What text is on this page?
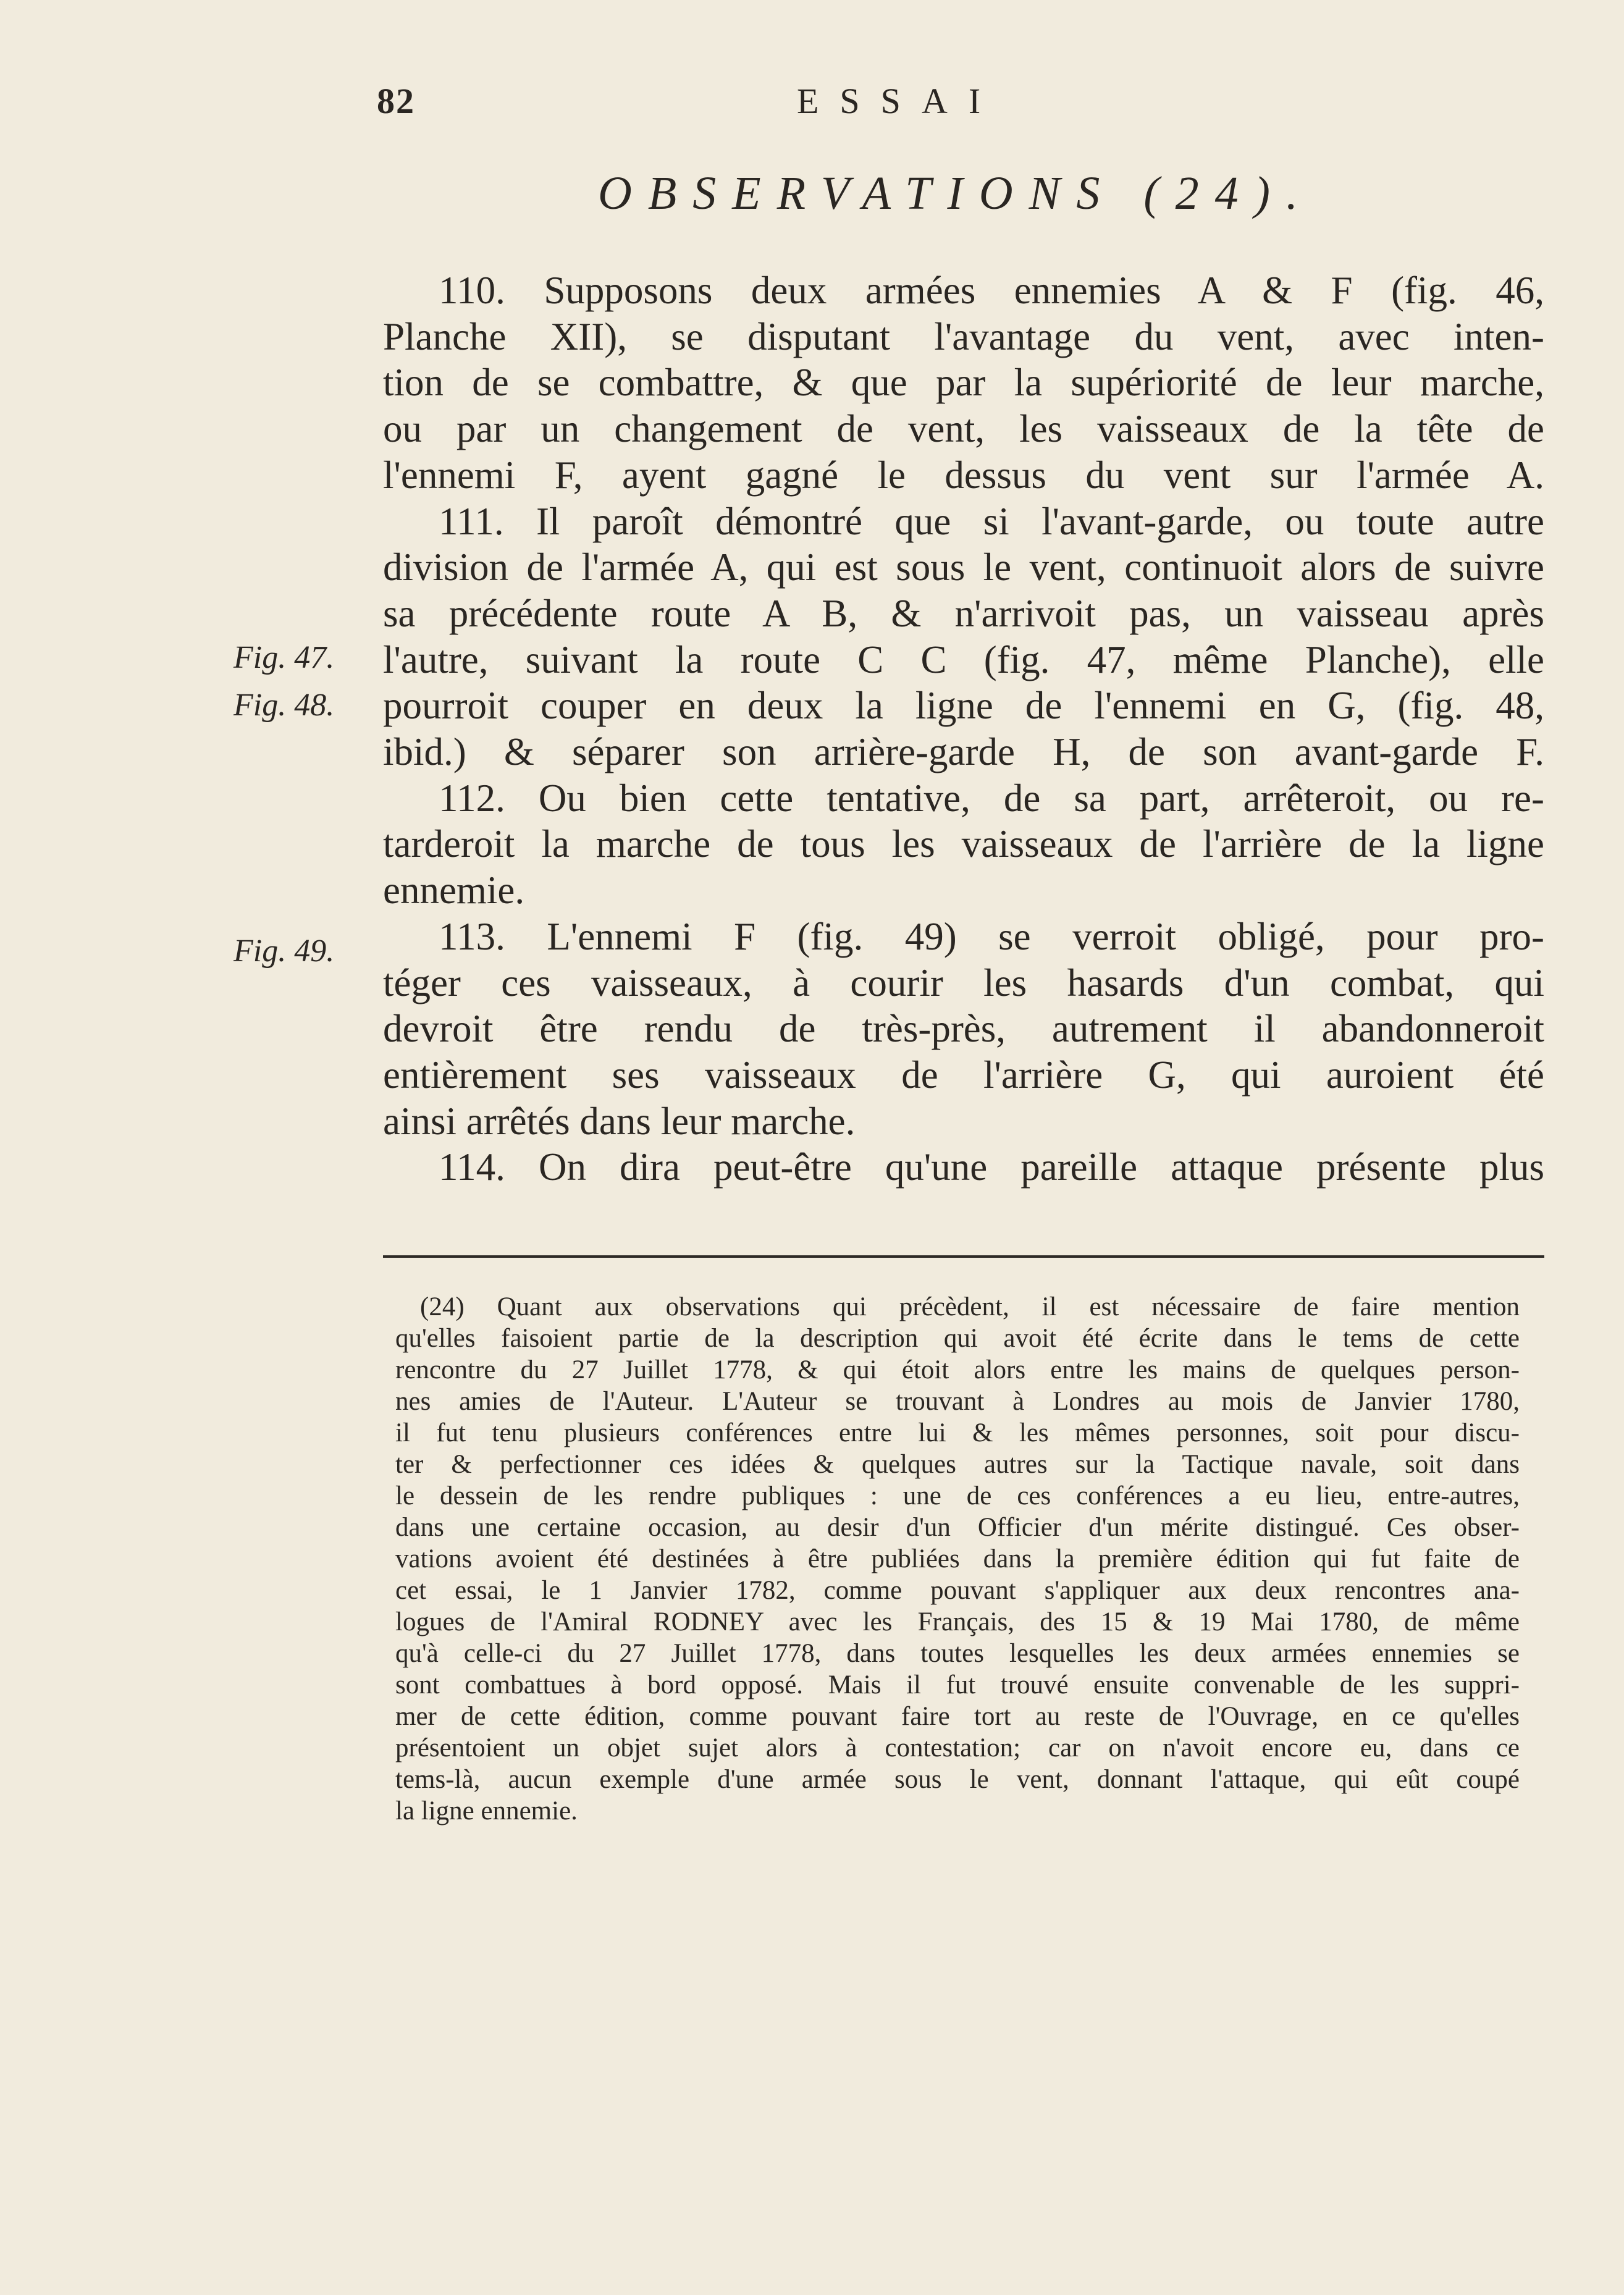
82	ESSAI
OBSERVATIONS (24).
Fig. 47.
Fig. 48.
Fig. 49.
110. Supposons deux armées ennemies A & F (fig. 46,
Planche XII), se disputant l'avantage du vent, avec inten-
tion de se combattre, & que par la supériorité de leur marche,
ou par un changement de vent, les vaisseaux de la tête de
l'ennemi F, ayent gagné le dessus du vent sur l'armée A.
111. Il paroît démontré que si l'avant-garde, ou toute autre
division de l'armée A, qui est sous le vent, continuoit alors de suivre
sa précédente route A B, & n'arrivoit pas, un vaisseau après
l'autre, suivant la route C C (fig. 47, même Planche), elle
pourroit couper en deux la ligne de l'ennemi en G, (fig. 48,
ibid.) & séparer son arrière-garde H, de son avant-garde F.
112. Ou bien cette tentative, de sa part, arrêteroit, ou re-
tarderoit la marche de tous les vaisseaux de l'arrière de la ligne
ennemie.
113. L'ennemi F (fig. 49) se verroit obligé, pour pro-
téger ces vaisseaux, à courir les hasards d'un combat, qui
devroit être rendu de très-près, autrement il abandonneroit
entièrement ses vaisseaux de l'arrière G, qui auroient été
ainsi arrêtés dans leur marche.
114. On dira peut-être qu'une pareille attaque présente plus
(24) Quant aux observations qui précèdent, il est nécessaire de faire mention
qu'elles faisoient partie de la description qui avoit été écrite dans le tems de cette
rencontre du 27 Juillet 1778, & qui étoit alors entre les mains de quelques person-
nes amies de l'Auteur. L'Auteur se trouvant à Londres au mois de Janvier 1780,
il fut tenu plusieurs conférences entre lui & les mêmes personnes, soit pour discu-
ter & perfectionner ces idées & quelques autres sur la Tactique navale, soit dans
le dessein de les rendre publiques : une de ces conférences a eu lieu, entre-autres,
dans une certaine occasion, au desir d'un Officier d'un mérite distingué. Ces obser-
vations avoient été destinées à être publiées dans la première édition qui fut faite de
cet essai, le 1 Janvier 1782, comme pouvant s'appliquer aux deux rencontres ana-
logues de l'Amiral RODNEY avec les Français, des 15 & 19 Mai 1780, de même
qu'à celle-ci du 27 Juillet 1778, dans toutes lesquelles les deux armées ennemies se
sont combattues à bord opposé. Mais il fut trouvé ensuite convenable de les suppri-
mer de cette édition, comme pouvant faire tort au reste de l'Ouvrage, en ce qu'elles
présentoient un objet sujet alors à contestation; car on n'avoit encore eu, dans ce
tems-là, aucun exemple d'une armée sous le vent, donnant l'attaque, qui eût coupé
la ligne ennemie.
